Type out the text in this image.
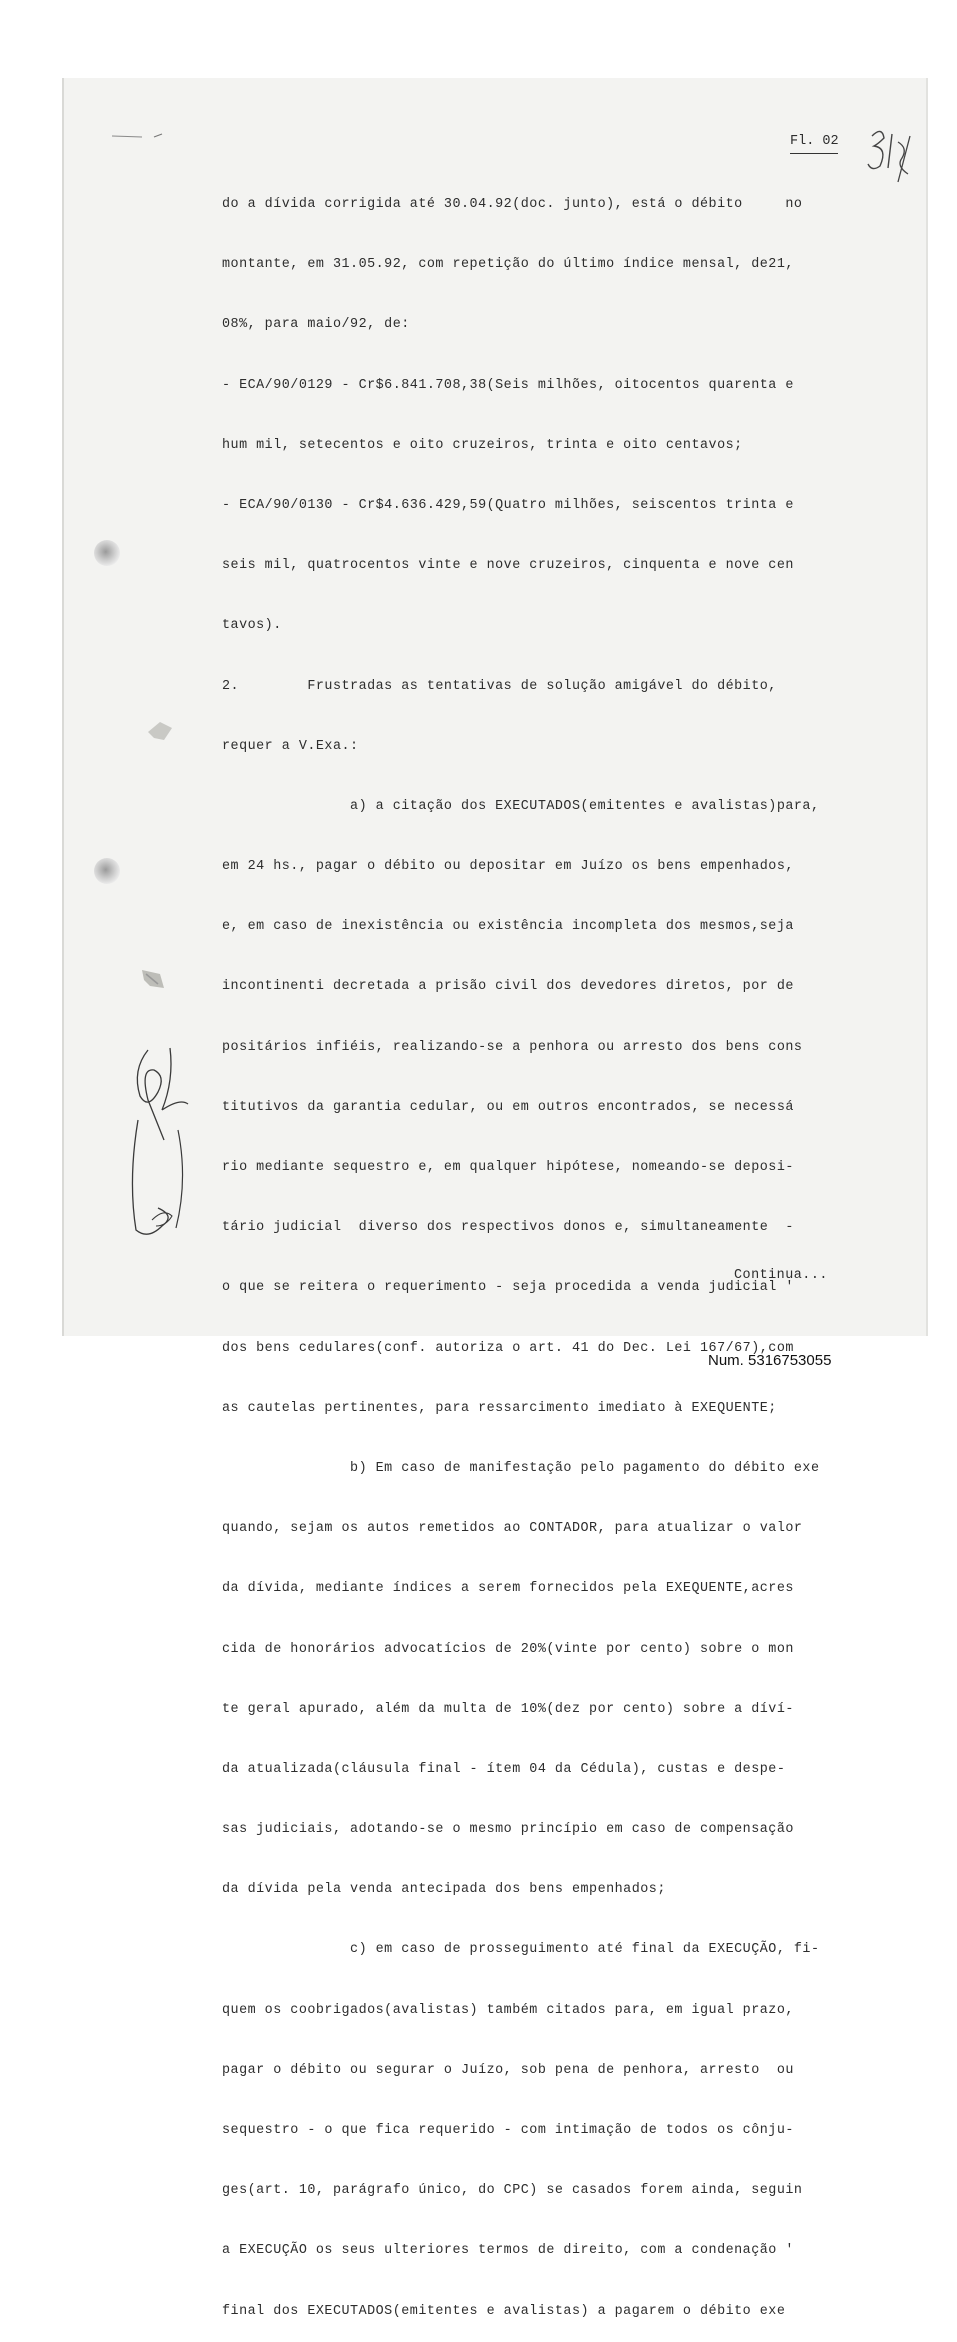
Fl. 02

do a dívida corrigida até 30.04.92(doc. junto), está o débito     no

montante, em 31.05.92, com repetição do último índice mensal, de21,

08%, para maio/92, de:

- ECA/90/0129 - Cr$6.841.708,38(Seis milhões, oitocentos quarenta e

hum mil, setecentos e oito cruzeiros, trinta e oito centavos;

- ECA/90/0130 - Cr$4.636.429,59(Quatro milhões, seiscentos trinta e

seis mil, quatrocentos vinte e nove cruzeiros, cinquenta e nove cen

tavos).

2.        Frustradas as tentativas de solução amigável do débito,

requer a V.Exa.:

a) a citação dos EXECUTADOS(emitentes e avalistas)para,

em 24 hs., pagar o débito ou depositar em Juízo os bens empenhados,

e, em caso de inexistência ou existência incompleta dos mesmos,seja

incontinenti decretada a prisão civil dos devedores diretos, por de

positários infiéis, realizando-se a penhora ou arresto dos bens cons

titutivos da garantia cedular, ou em outros encontrados, se necessá

rio mediante sequestro e, em qualquer hipótese, nomeando-se deposi-

tário judicial  diverso dos respectivos donos e, simultaneamente  -

o que se reitera o requerimento - seja procedida a venda judicial '

dos bens cedulares(conf. autoriza o art. 41 do Dec. Lei 167/67),com

as cautelas pertinentes, para ressarcimento imediato à EXEQUENTE;

b) Em caso de manifestação pelo pagamento do débito exe

quando, sejam os autos remetidos ao CONTADOR, para atualizar o valor

da dívida, mediante índices a serem fornecidos pela EXEQUENTE,acres

cida de honorários advocatícios de 20%(vinte por cento) sobre o mon

te geral apurado, além da multa de 10%(dez por cento) sobre a díví-

da atualizada(cláusula final - ítem 04 da Cédula), custas e despe-

sas judiciais, adotando-se o mesmo princípio em caso de compensação

da dívida pela venda antecipada dos bens empenhados;

c) em caso de prosseguimento até final da EXECUÇÃO, fi-

quem os coobrigados(avalistas) também citados para, em igual prazo,

pagar o débito ou segurar o Juízo, sob pena de penhora, arresto  ou

sequestro - o que fica requerido - com intimação de todos os cônju-

ges(art. 10, parágrafo único, do CPC) se casados forem ainda, seguin

a EXECUÇÃO os seus ulteriores termos de direito, com a condenação '

final dos EXECUTADOS(emitentes e avalistas) a pagarem o débito exe

Continua...
Num. 5316753055
